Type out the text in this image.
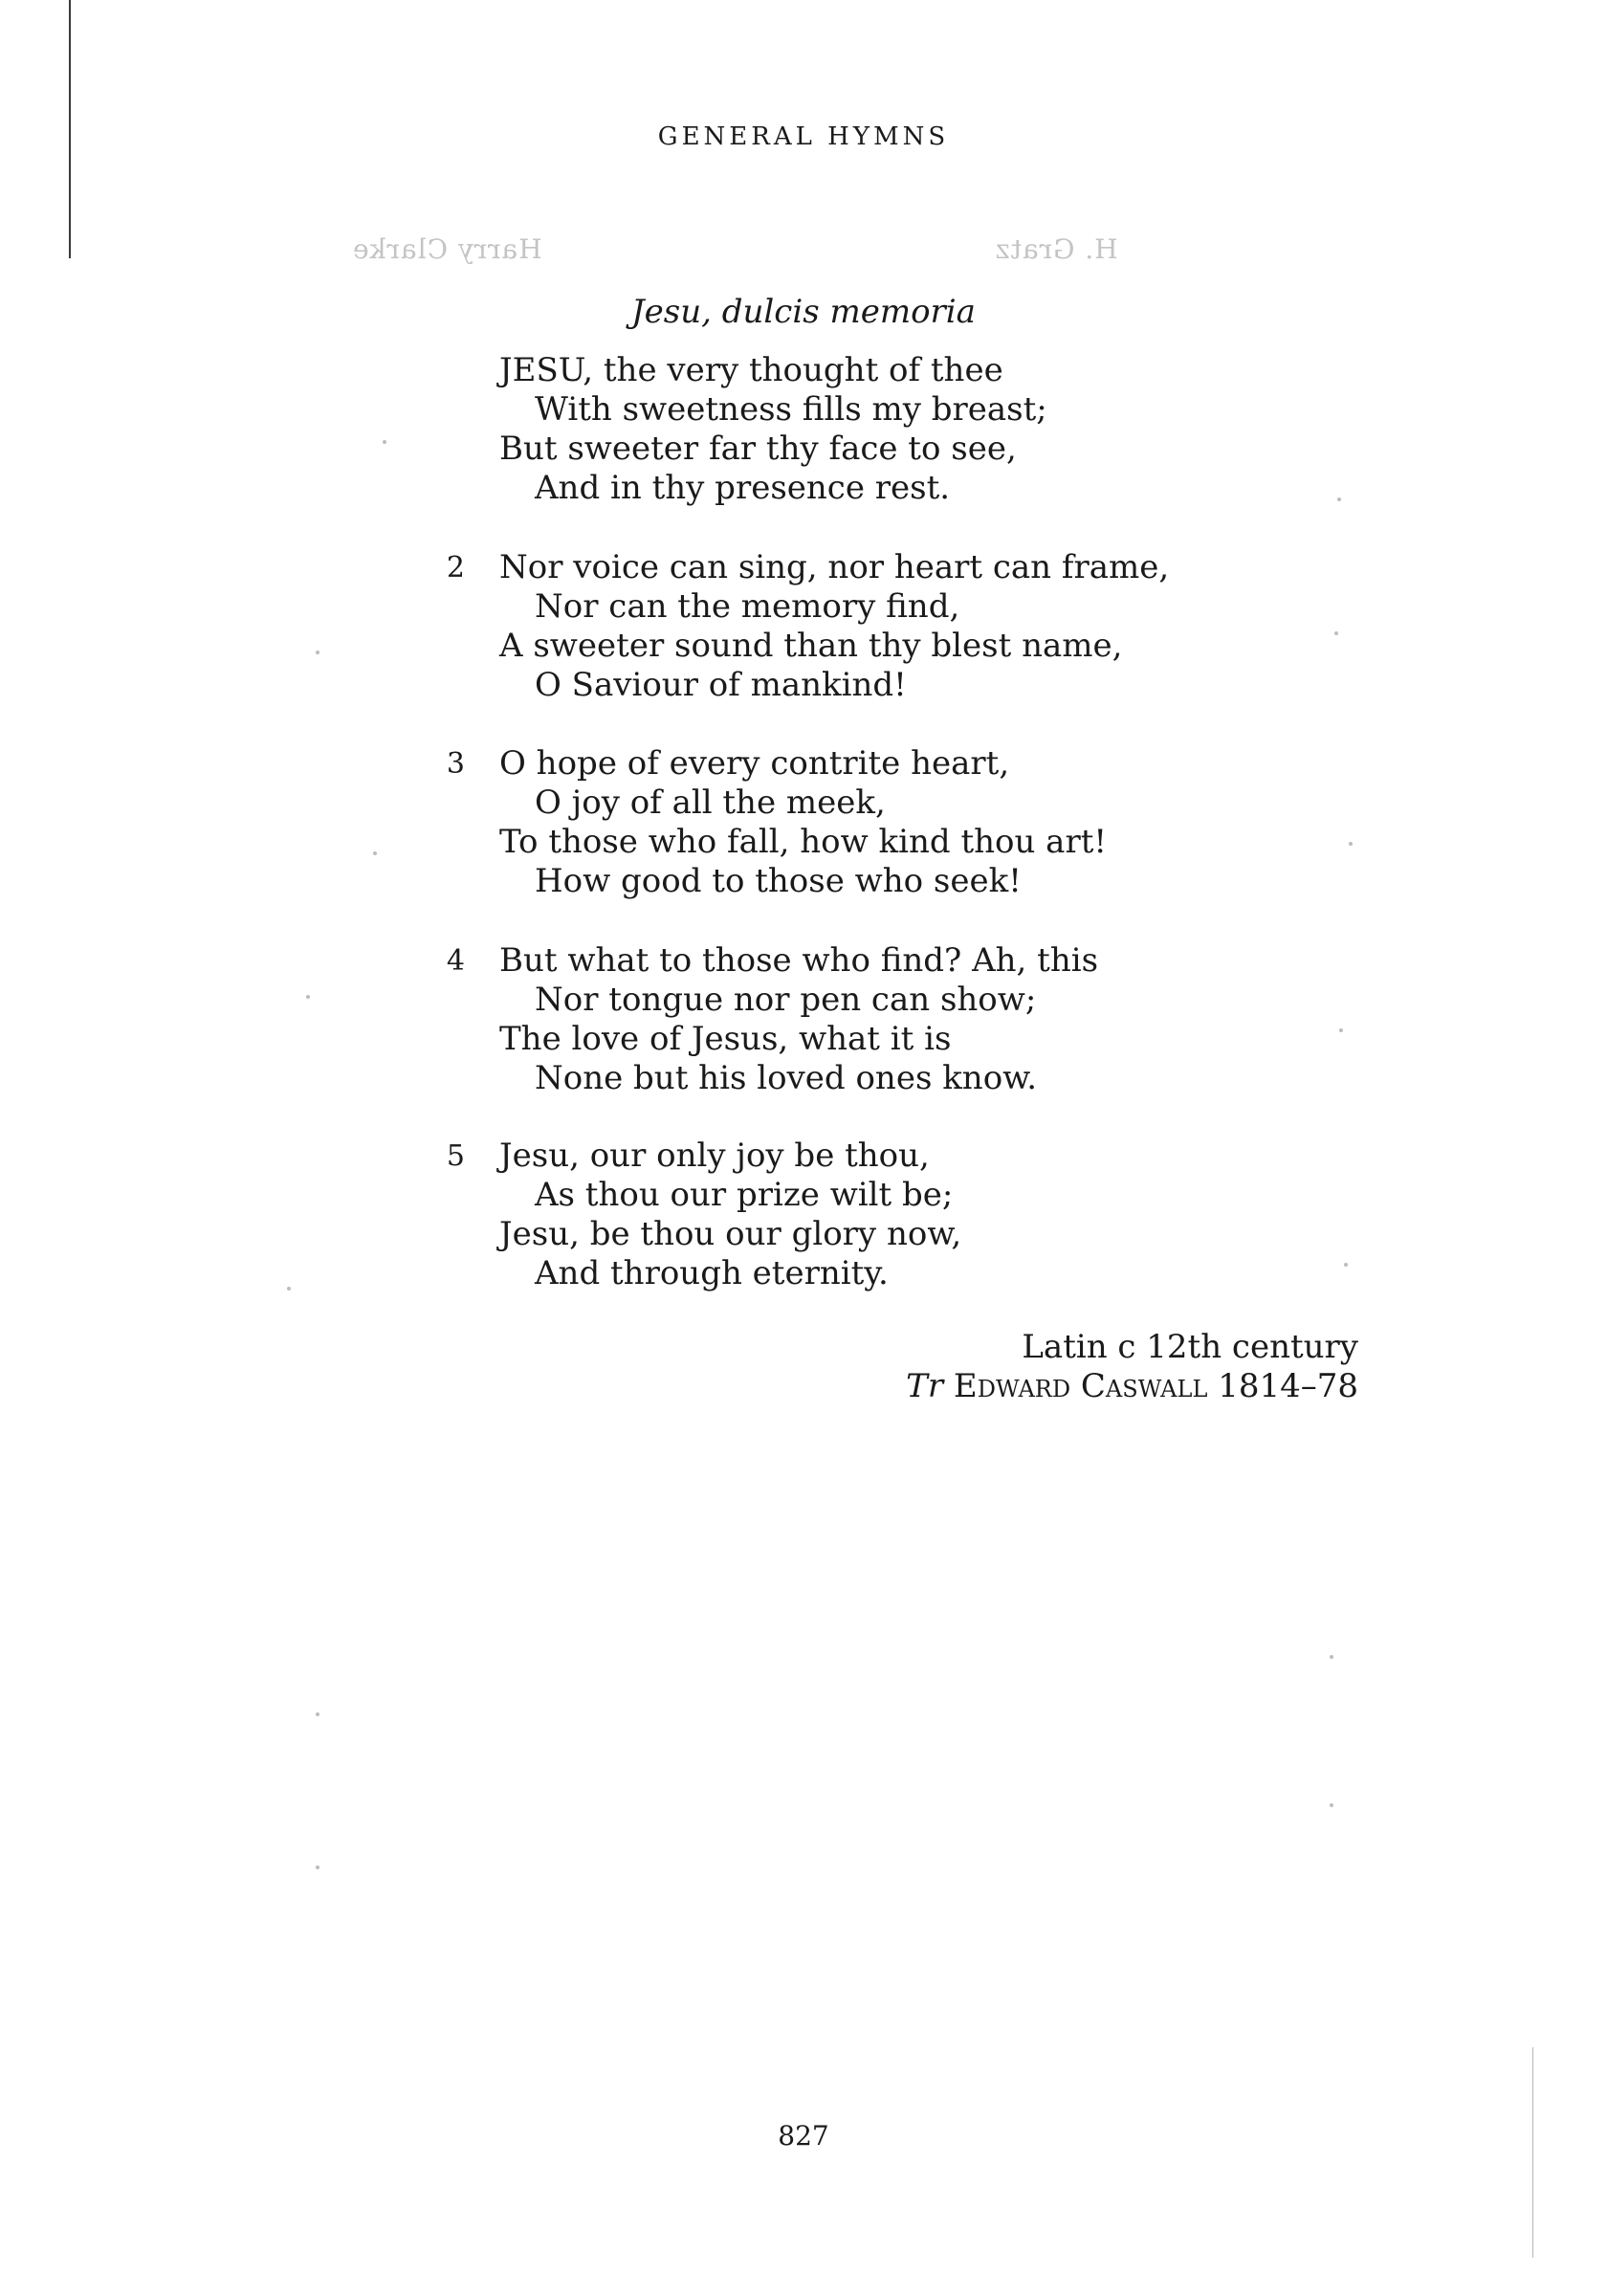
GENERAL HYMNS
Harry Clarke	H. Gratz
Jesu, dulcis memoria
JESU, the very thought of thee
With sweetness fills my breast;
But sweeter far thy face to see,
And in thy presence rest.
2 Nor voice can sing, nor heart can frame,
Nor can the memory find,
A sweeter sound than thy blest name,
O Saviour of mankind!
3 O hope of every contrite heart,
O joy of all the meek,
To those who fall, how kind thou art!
How good to those who seek!
4 But what to those who find? Ah, this
Nor tongue nor pen can show;
The love of Jesus, what it is
None but his loved ones know.
5 Jesu, our only joy be thou,
As thou our prize wilt be;
Jesu, be thou our glory now,
And through eternity.
Latin c 12th century
Tr Edward Caswall 1814–78
827
